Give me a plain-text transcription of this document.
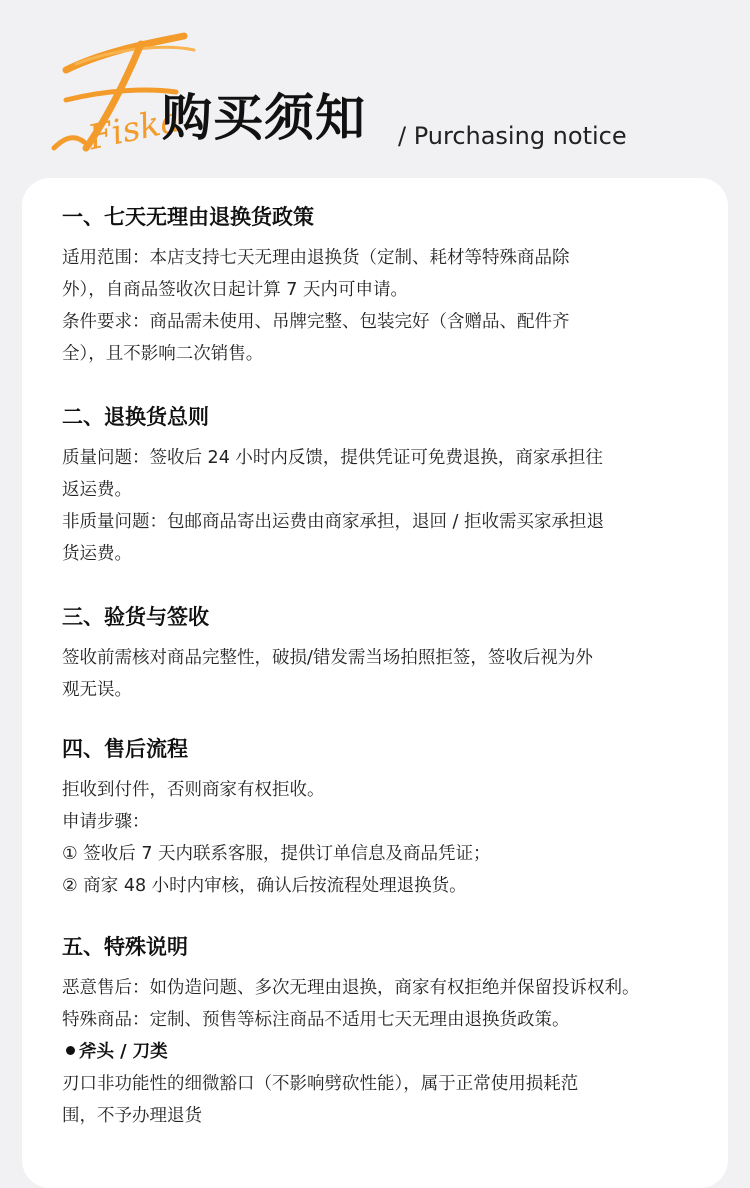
Fiska
购买须知 / Purchasing notice

一、七天无理由退换货政策

适用范围：本店支持七天无理由退换货（定制、耗材等特殊商品除

外），自商品签收次日起计算 7 天内可申请。

条件要求：商品需未使用、吊牌完整、包装完好（含赠品、配件齐

全），且不影响二次销售。

二、退换货总则

质量问题：签收后 24 小时内反馈，提供凭证可免费退换，商家承担往

返运费。

非质量问题：包邮商品寄出运费由商家承担，退回 / 拒收需买家承担退

货运费。

三、验货与签收

签收前需核对商品完整性，破损/错发需当场拍照拒签，签收后视为外

观无误。

四、售后流程

拒收到付件，否则商家有权拒收。

申请步骤：

① 签收后 7 天内联系客服，提供订单信息及商品凭证；

② 商家 48 小时内审核，确认后按流程处理退换货。

五、特殊说明

恶意售后：如伪造问题、多次无理由退换，商家有权拒绝并保留投诉权利。

特殊商品：定制、预售等标注商品不适用七天无理由退换货政策。

斧头 / 刀类

刃口非功能性的细微豁口（不影响劈砍性能），属于正常使用损耗范

围，不予办理退货
